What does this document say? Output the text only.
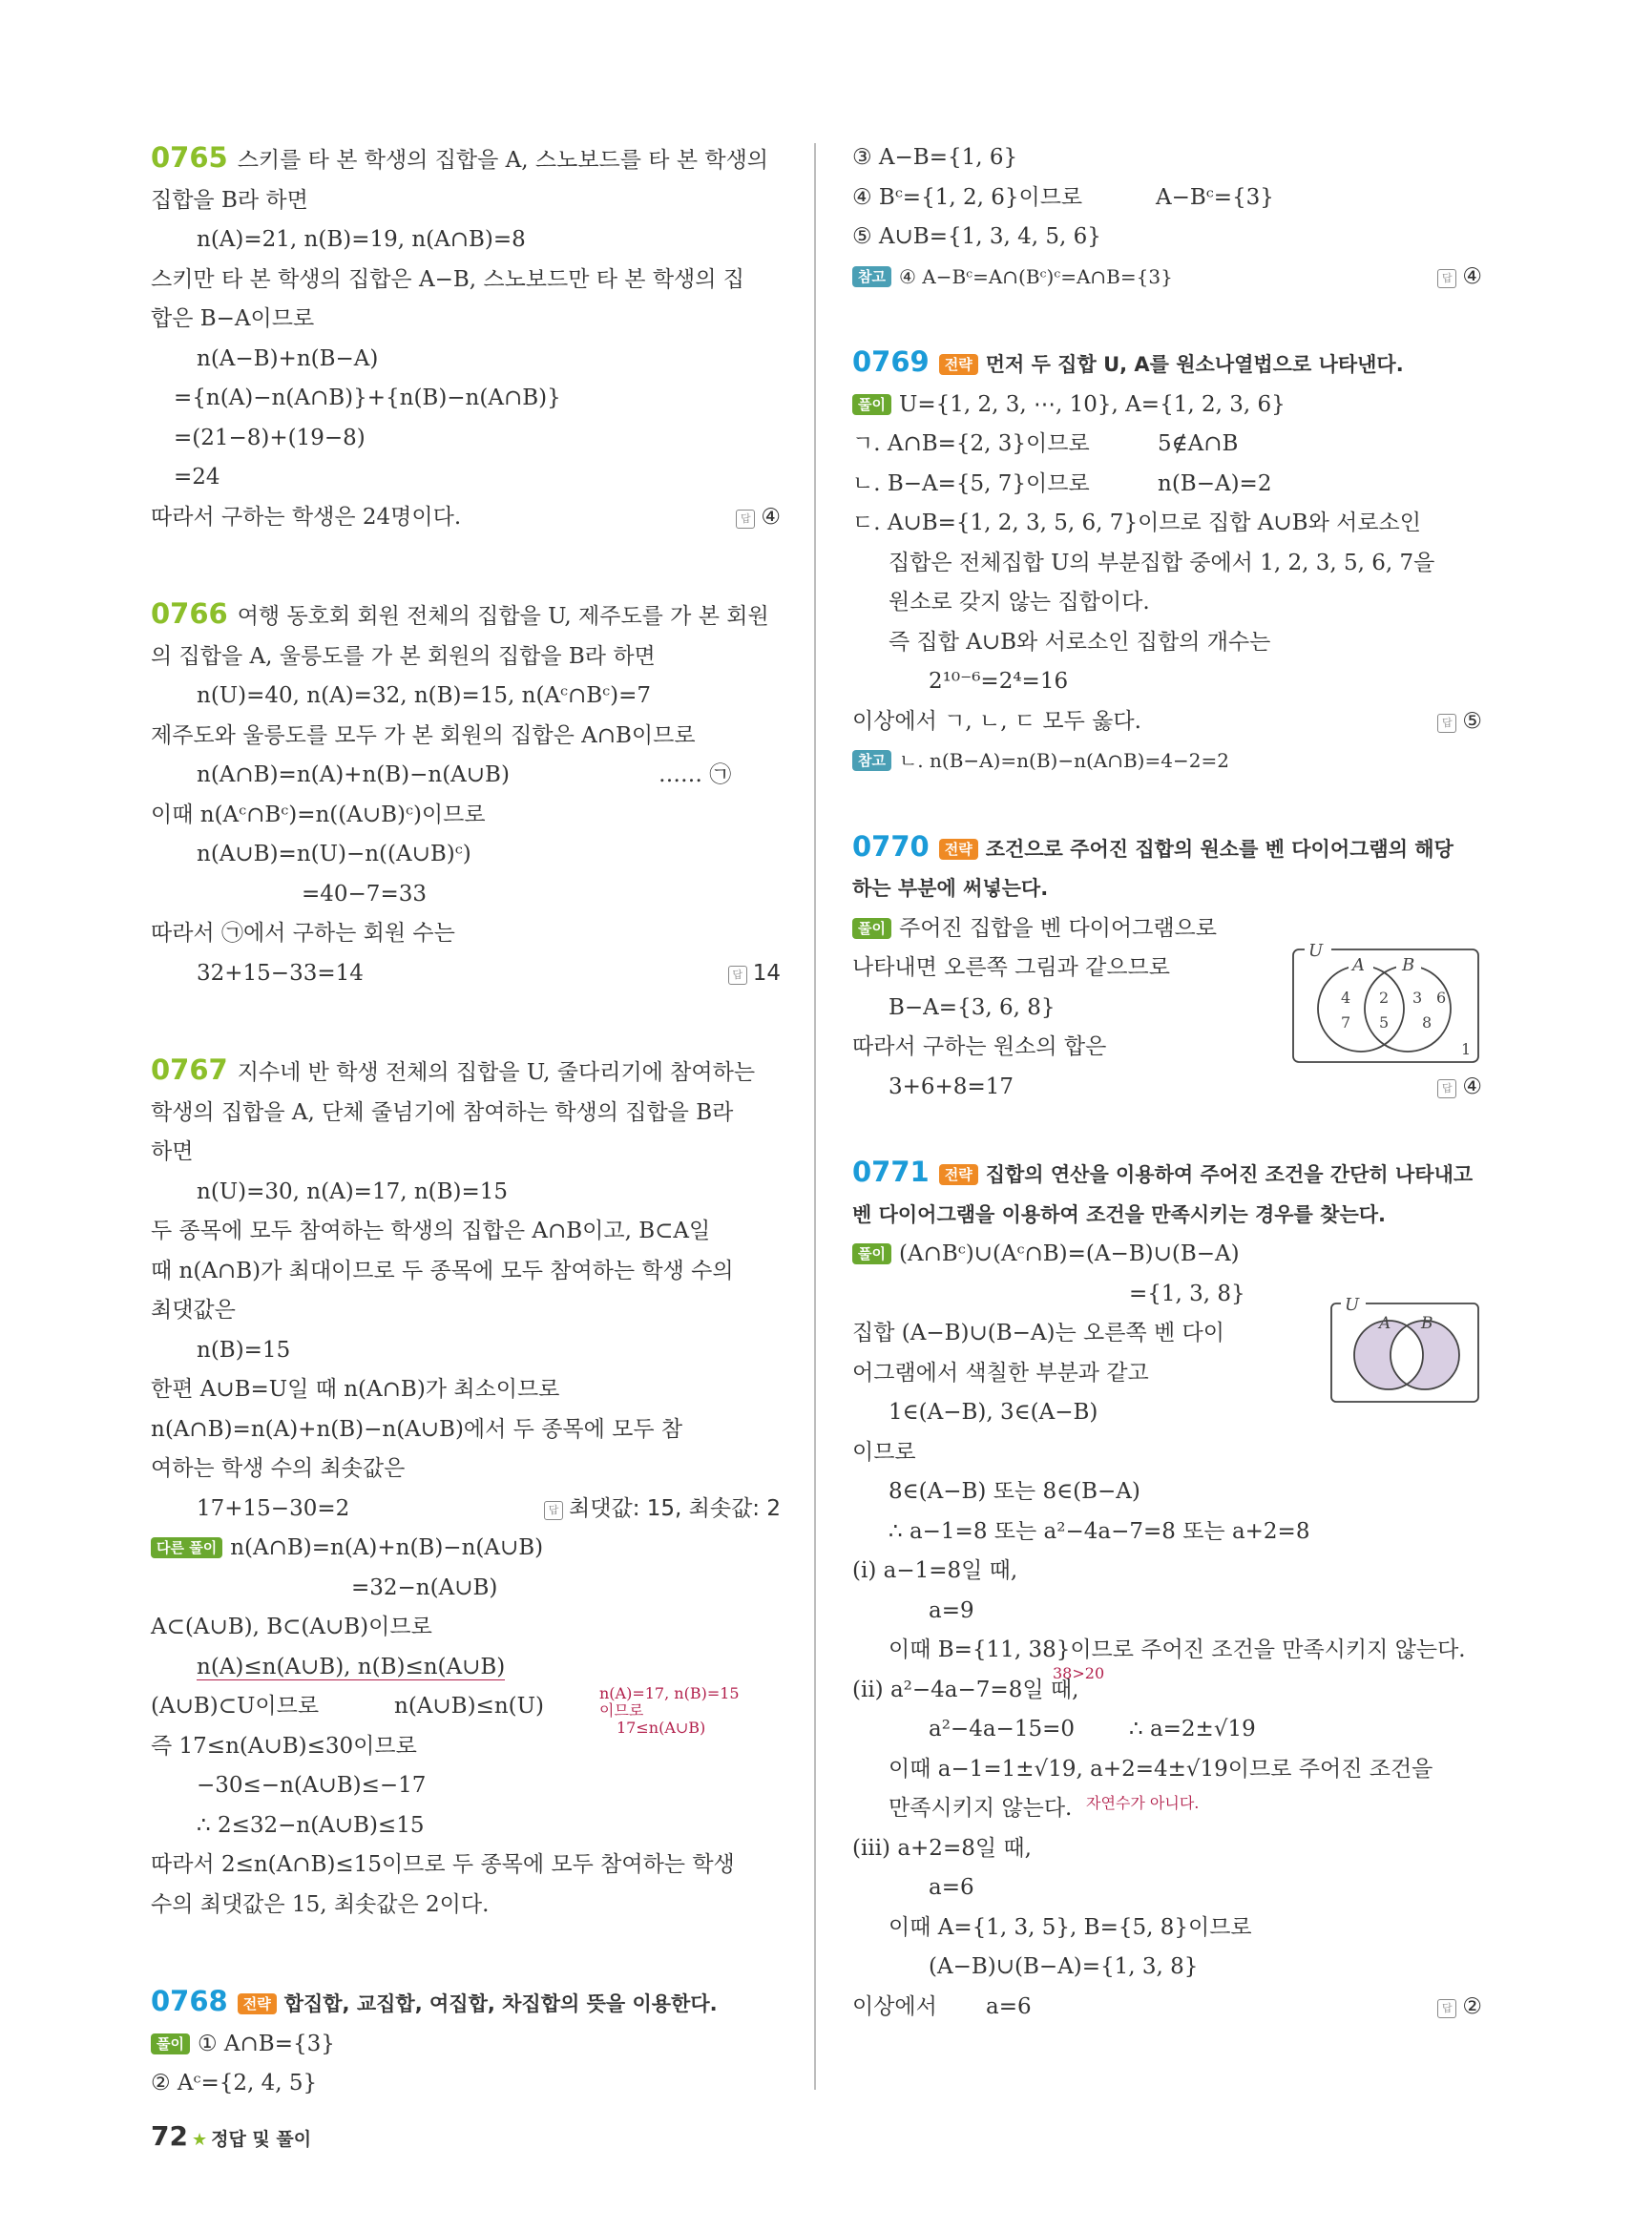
0765 스키를 타 본 학생의 집합을 A, 스노보드를 타 본 학생의
집합을 B라 하면
n(A)=21, n(B)=19, n(A∩B)=8
스키만 타 본 학생의 집합은 A−B, 스노보드만 타 본 학생의 집
합은 B−A이므로
n(A−B)+n(B−A)
={n(A)−n(A∩B)}+{n(B)−n(A∩B)}
=(21−8)+(19−8)
=24
따라서 구하는 학생은 24명이다.	답 ④
0766 여행 동호회 회원 전체의 집합을 U, 제주도를 가 본 회원
의 집합을 A, 울릉도를 가 본 회원의 집합을 B라 하면
n(U)=40, n(A)=32, n(B)=15, n(Aᶜ∩Bᶜ)=7
제주도와 울릉도를 모두 가 본 회원의 집합은 A∩B이므로
n(A∩B)=n(A)+n(B)−n(A∪B)	…… ㉠
이때 n(Aᶜ∩Bᶜ)=n((A∪B)ᶜ)이므로
n(A∪B)=n(U)−n((A∪B)ᶜ)
=40−7=33
따라서 ㉠에서 구하는 회원 수는
32+15−33=14	답 14
0767 지수네 반 학생 전체의 집합을 U, 줄다리기에 참여하는
학생의 집합을 A, 단체 줄넘기에 참여하는 학생의 집합을 B라
하면
n(U)=30, n(A)=17, n(B)=15
두 종목에 모두 참여하는 학생의 집합은 A∩B이고, B⊂A일
때 n(A∩B)가 최대이므로 두 종목에 모두 참여하는 학생 수의
최댓값은
n(B)=15
한편 A∪B=U일 때 n(A∩B)가 최소이므로
n(A∩B)=n(A)+n(B)−n(A∪B)에서 두 종목에 모두 참
여하는 학생 수의 최솟값은
17+15−30=2	답 최댓값: 15, 최솟값: 2
다른 풀이 n(A∩B)=n(A)+n(B)−n(A∪B)
=32−n(A∪B)
A⊂(A∪B), B⊂(A∪B)이므로
n(A)≤n(A∪B), n(B)≤n(A∪B)
(A∪B)⊂U이므로	n(A∪B)≤n(U)
n(A)=17, n(B)=15
이므로
17≤n(A∪B)
즉 17≤n(A∪B)≤30이므로
−30≤−n(A∪B)≤−17
∴ 2≤32−n(A∪B)≤15
따라서 2≤n(A∩B)≤15이므로 두 종목에 모두 참여하는 학생
수의 최댓값은 15, 최솟값은 2이다.
0768 전략 합집합, 교집합, 여집합, 차집합의 뜻을 이용한다.
풀이 ① A∩B={3}
② Aᶜ={2, 4, 5}
③ A−B={1, 6}
④ Bᶜ={1, 2, 6}이므로	A−Bᶜ={3}
⑤ A∪B={1, 3, 4, 5, 6}
답 ④
참고 ④ A−Bᶜ=A∩(Bᶜ)ᶜ=A∩B={3}
0769 전략 먼저 두 집합 U, A를 원소나열법으로 나타낸다.
풀이 U={1, 2, 3, ⋯, 10}, A={1, 2, 3, 6}
ㄱ. A∩B={2, 3}이므로	5∉A∩B
ㄴ. B−A={5, 7}이므로	n(B−A)=2
ㄷ. A∪B={1, 2, 3, 5, 6, 7}이므로 집합 A∪B와 서로소인
집합은 전체집합 U의 부분집합 중에서 1, 2, 3, 5, 6, 7을
원소로 갖지 않는 집합이다.
즉 집합 A∪B와 서로소인 집합의 개수는
2¹⁰⁻⁶=2⁴=16
이상에서 ㄱ, ㄴ, ㄷ 모두 옳다.	답 ⑤
참고 ㄴ. n(B−A)=n(B)−n(A∩B)=4−2=2
0770 전략 조건으로 주어진 집합의 원소를 벤 다이어그램의 해당
하는 부분에 써넣는다.
풀이 주어진 집합을 벤 다이어그램으로
나타내면 오른쪽 그림과 같으므로
B−A={3, 6, 8}
따라서 구하는 원소의 합은
3+6+8=17	답 ④
U
A B
4
7
2
5
3 6
8
1
0771 전략 집합의 연산을 이용하여 주어진 조건을 간단히 나타내고
벤 다이어그램을 이용하여 조건을 만족시키는 경우를 찾는다.
풀이 (A∩Bᶜ)∪(Aᶜ∩B)=(A−B)∪(B−A)
={1, 3, 8}
집합 (A−B)∪(B−A)는 오른쪽 벤 다이
어그램에서 색칠한 부분과 같고
1∈(A−B), 3∈(A−B)
이므로
8∈(A−B) 또는 8∈(B−A)
∴ a−1=8 또는 a²−4a−7=8 또는 a+2=8
(ⅰ) a−1=8일 때,
a=9
이때 B={11, 38}이므로 주어진 조건을 만족시키지 않는다.
38>20
(ⅱ) a²−4a−7=8일 때,
a²−4a−15=0 ∴ a=2±√19
이때 a−1=1±√19, a+2=4±√19이므로 주어진 조건을
만족시키지 않는다. 자연수가 아니다.
(ⅲ) a+2=8일 때,
a=6
이때 A={1, 3, 5}, B={5, 8}이므로
(A−B)∪(B−A)={1, 3, 8}
이상에서 a=6	답 ②
U
A B
72 ★ 정답 및 풀이
